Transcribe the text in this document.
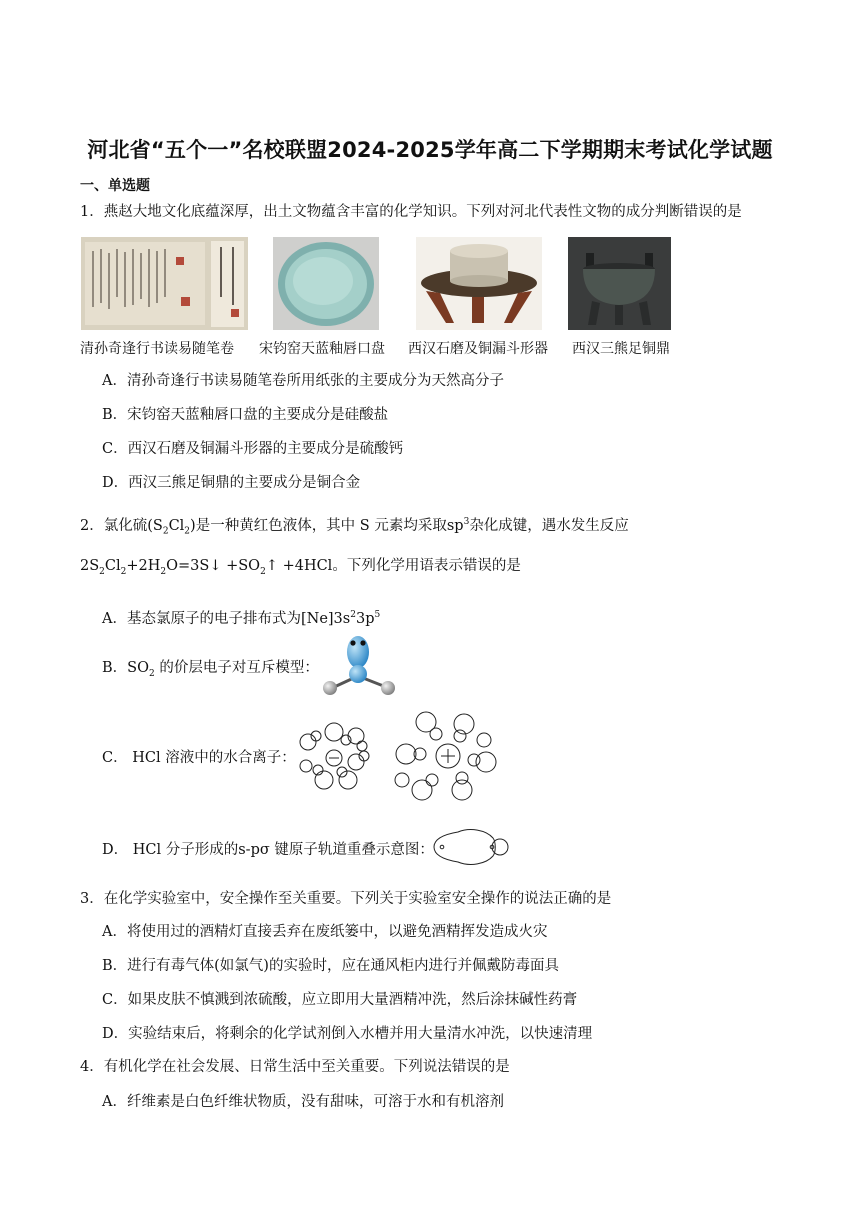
河北省“五个一”名校联盟2024-2025学年高二下学期期末考试化学试题
一、单选题
1．燕赵大地文化底蕴深厚，出土文物蕴含丰富的化学知识。下列对河北代表性文物的成分判断错误的是
清孙奇逢行书读易随笔卷 宋钧窑天蓝釉唇口盘 西汉石磨及铜漏斗形器 西汉三熊足铜鼎
A．清孙奇逢行书读易随笔卷所用纸张的主要成分为天然高分子
B．宋钧窑天蓝釉唇口盘的主要成分是硅酸盐
C．西汉石磨及铜漏斗形器的主要成分是硫酸钙
D．西汉三熊足铜鼎的主要成分是铜合金
2．氯化硫$(S_2Cl_2)$是一种黄红色液体，其中 S 元素均采取$sp^3$杂化成键，遇水发生反应
$2S_2Cl_2+2H_2O=3S↓$ $+SO_2↑ +4HCl$。下列化学用语表示错误的是
A．基态氯原子的电子排布式为$[Ne]3s^23p^5$
B．$SO_2$ 的价层电子对互斥模型：
C． HCl 溶液中的水合离子：
D． HCl 分子形成的s-pσ 键原子轨道重叠示意图：
3．在化学实验室中，安全操作至关重要。下列关于实验室安全操作的说法正确的是
A．将使用过的酒精灯直接丢弃在废纸篓中，以避免酒精挥发造成火灾
B．进行有毒气体(如氯气)的实验时，应在通风柜内进行并佩戴防毒面具
C．如果皮肤不慎溅到浓硫酸，应立即用大量酒精冲洗，然后涂抹碱性药膏
D．实验结束后，将剩余的化学试剂倒入水槽并用大量清水冲洗，以快速清理
4．有机化学在社会发展、日常生活中至关重要。下列说法错误的是
A．纤维素是白色纤维状物质，没有甜味，可溶于水和有机溶剂
